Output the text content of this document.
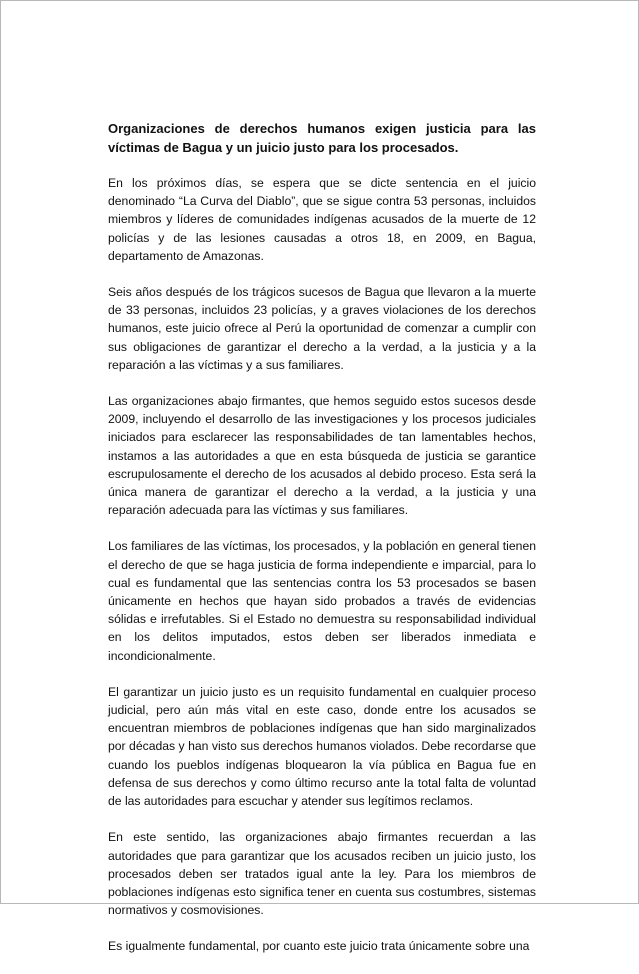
Organizaciones de derechos humanos exigen justicia para las víctimas de Bagua y un juicio justo para los procesados.

En los próximos días, se espera que se dicte sentencia en el juicio denominado “La Curva del Diablo”, que se sigue contra 53 personas, incluidos miembros y líderes de comunidades indígenas acusados de la muerte de 12 policías y de las lesiones causadas a otros 18, en 2009, en Bagua, departamento de Amazonas.

Seis años después de los trágicos sucesos de Bagua que llevaron a la muerte de 33 personas, incluidos 23 policías, y a graves violaciones de los derechos humanos, este juicio ofrece al Perú la oportunidad de comenzar a cumplir con sus obligaciones de garantizar el derecho a la verdad, a la justicia y a la reparación a las víctimas y a sus familiares.

Las organizaciones abajo firmantes, que hemos seguido estos sucesos desde 2009, incluyendo el desarrollo de las investigaciones y los procesos judiciales iniciados para esclarecer las responsabilidades de tan lamentables hechos, instamos a las autoridades a que en esta búsqueda de justicia se garantice escrupulosamente el derecho de los acusados al debido proceso. Esta será la única manera de garantizar el derecho a la verdad, a la justicia y una reparación adecuada para las víctimas y sus familiares.

Los familiares de las víctimas, los procesados, y la población en general tienen el derecho de que se haga justicia de forma independiente e imparcial, para lo cual es fundamental que las sentencias contra los 53 procesados se basen únicamente en hechos que hayan sido probados a través de evidencias sólidas e irrefutables. Si el Estado no demuestra su responsabilidad individual en los delitos imputados, estos deben ser liberados inmediata e incondicionalmente.

El garantizar un juicio justo es un requisito fundamental en cualquier proceso judicial, pero aún más vital en este caso, donde entre los acusados se encuentran miembros de poblaciones indígenas que han sido marginalizados por décadas y han visto sus derechos humanos violados. Debe recordarse que cuando los pueblos indígenas bloquearon la vía pública en Bagua fue en defensa de sus derechos y como último recurso ante la total falta de voluntad de las autoridades para escuchar y atender sus legítimos reclamos.

En este sentido, las organizaciones abajo firmantes recuerdan a las autoridades que para garantizar que los acusados reciben un juicio justo, los procesados deben ser tratados igual ante la ley. Para los miembros de poblaciones indígenas esto significa tener en cuenta sus costumbres, sistemas normativos y cosmovisiones.

Es igualmente fundamental, por cuanto este juicio trata únicamente sobre una
